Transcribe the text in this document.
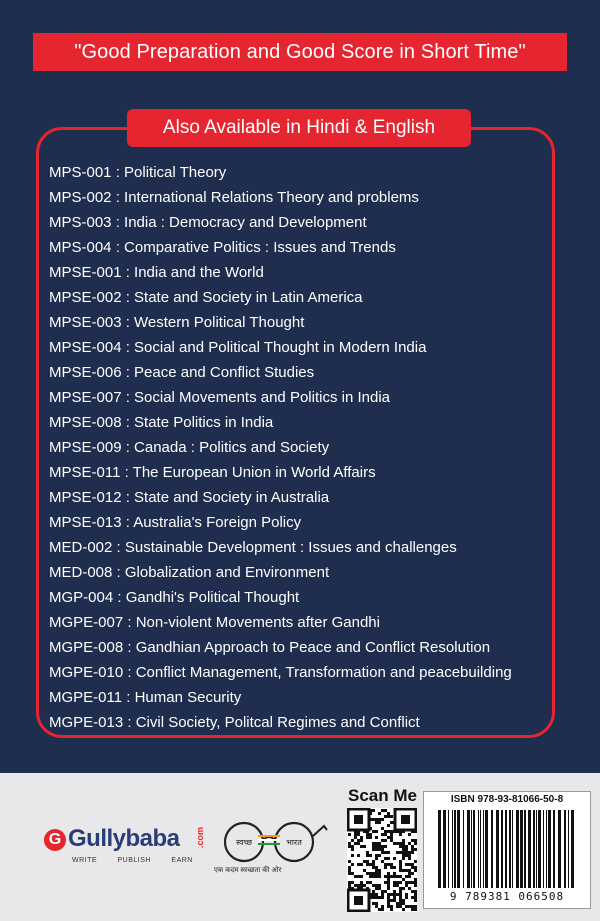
"Good Preparation and Good Score in Short Time"
Also Available in Hindi & English
MPS-001 : Political Theory
MPS-002 : International Relations Theory and problems
MPS-003 : India : Democracy and Development
MPS-004 : Comparative Politics : Issues and Trends
MPSE-001 : India and the World
MPSE-002 : State and Society in Latin America
MPSE-003 : Western Political Thought
MPSE-004 : Social and Political Thought in Modern India
MPSE-006 : Peace and Conflict Studies
MPSE-007 : Social Movements and Politics in India
MPSE-008 : State Politics in India
MPSE-009 : Canada : Politics and Society
MPSE-011 : The European Union in World Affairs
MPSE-012 : State and Society in Australia
MPSE-013 : Australia's Foreign Policy
MED-002 : Sustainable Development : Issues and challenges
MED-008 : Globalization and Environment
MGP-004 : Gandhi's Political Thought
MGPE-007 : Non-violent Movements after Gandhi
MGPE-008 : Gandhian Approach to Peace and Conflict Resolution
MGPE-010 : Conflict Management, Transformation and peacebuilding
MGPE-011 : Human Security
MGPE-013 : Civil Society, Politcal Regimes and Conflict
G Gullybaba .com
WRITE PUBLISH EARN
स्वच्छ	भारत
एक कदम स्वच्छता की ओर
Scan Me	ISBN 978-93-81066-50-8
9 789381 066508
